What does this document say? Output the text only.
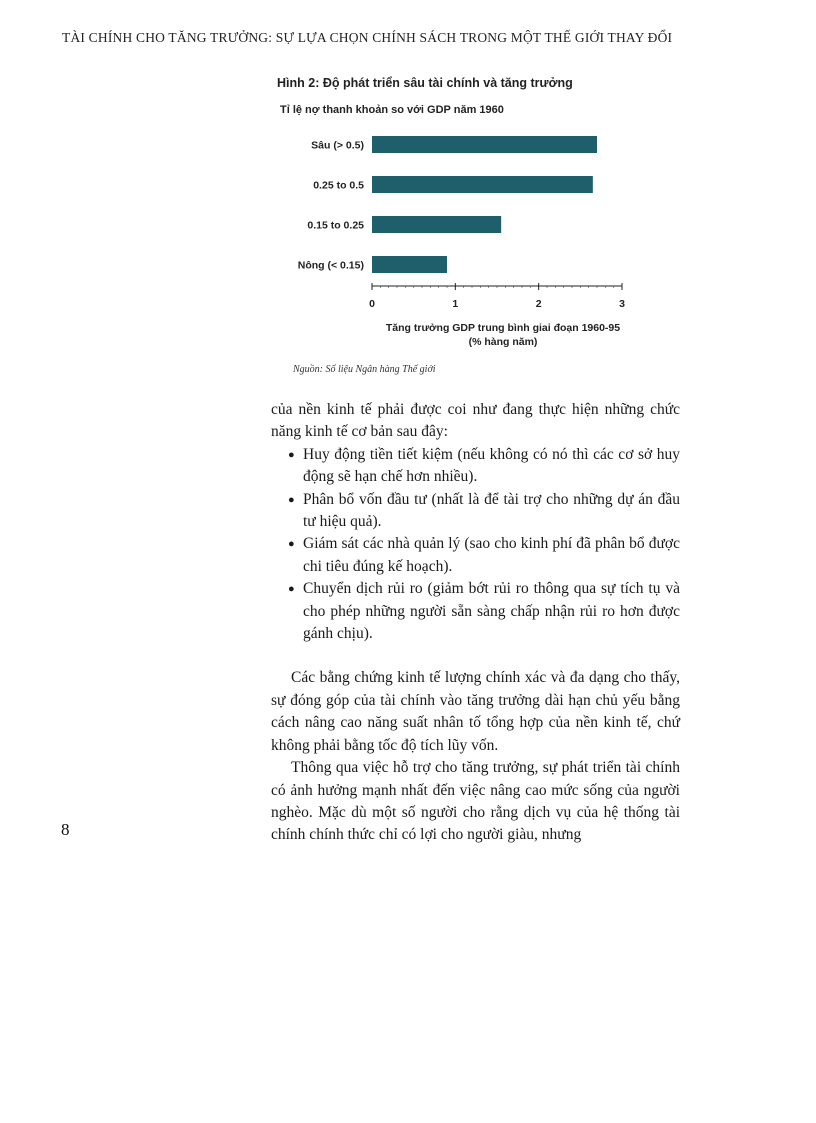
TÀI CHÍNH CHO TĂNG TRƯỞNG: SỰ LỰA CHỌN CHÍNH SÁCH TRONG MỘT THẾ GIỚI THAY ĐỔI
Hình 2: Độ phát triển sâu tài chính và tăng trưởng
Tỉ lệ nợ thanh khoản so với GDP năm 1960
Sâu (> 0.5)
0.25 to 0.5
0.15 to 0.25
Nông (< 0.15)
0	1	2	3
Tăng trưởng GDP trung bình giai đoạn 1960-95
(% hàng năm)
Nguồn: Số liệu Ngân hàng Thế giới

của nền kinh tế phải được coi như đang thực hiện những chức năng kinh tế cơ bản sau đây:

● Huy động tiền tiết kiệm (nếu không có nó thì các cơ sở huy động sẽ hạn chế hơn nhiều).
● Phân bổ vốn đầu tư (nhất là để tài trợ cho những dự án đầu tư hiệu quả).
● Giám sát các nhà quản lý (sao cho kinh phí đã phân bổ được chi tiêu đúng kế hoạch).
● Chuyển dịch rủi ro (giảm bớt rủi ro thông qua sự tích tụ và cho phép những người sẵn sàng chấp nhận rủi ro hơn được gánh chịu).

Các bằng chứng kinh tế lượng chính xác và đa dạng cho thấy, sự đóng góp của tài chính vào tăng trưởng dài hạn chủ yếu bằng cách nâng cao năng suất nhân tố tổng hợp của nền kinh tế, chứ không phải bằng tốc độ tích lũy vốn.

Thông qua việc hỗ trợ cho tăng trưởng, sự phát triển tài chính có ảnh hưởng mạnh nhất đến việc nâng cao mức sống của người nghèo. Mặc dù một số người cho rằng dịch vụ của hệ thống tài chính chính thức chỉ có lợi cho người giàu, nhưng

8
